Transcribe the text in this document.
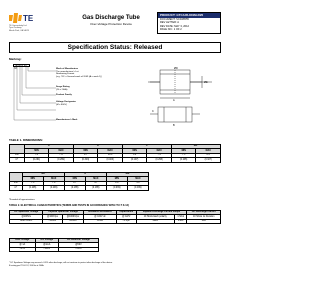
TE
TE Connectivity Ltd.
Tyco Parkway
Menlo Park, CA 94025
Gas Discharge Tube
Over-Voltage Protection Device
PRODUCT: GTCA35-801M-R20
DOCUMENT: SCD28555
REV LETTER: A
REV DATE: MAY 3, 2012
PAGE NO.: 1 OF 2
Specification Status: Released
Marking:
TE 80 R 20 M	Week of Manufacture
The manufacturer's Lot
Numbering Format
(e.g. '2G' = Second week of 2009 (A = week 1))
Surge Rating
(20 = 20kA)
Product Family
Voltage Designator
(M = 800V)
Manufacturer's Mark
ØD
A
ØE
B
C
TABLE 1. DIMENSIONS:
	A		B		C		ØD*	
	MIN	MAX	MIN	MAX	MIN	MAX	MIN	MAX
mm	7.4	7.6	8.7	10.3	5.0	7.5	7.5	8.3
in*	(0.291)	(0.299)	(0.343)	(0.406)	(0.197)	(0.295)	(0.295)	(0.327)
	ØE		E		ØM	
	MIN	MAX	MIN	MAX	MIN	MAX
mm	7.5	7.6	4.7	4.7	1.0	1.0
in*	(0.295)	(0.299)	(0.185)	(0.185)	(0.039)	(0.039)
*Rounded off approximations
TABLE 2. ELECTRICAL CHARACTERISTICS (TERMS AND TESTS IN ACCORDANCE WITH ITU-T K.12)
DC Sparkover Voltage	Impulse Sparkover Voltage		Insulation Resistance	Capacitance	Impulse Discharge Current 8/20μs		AC Discharge Current
@100V/s	@100V/μs	@1000V/μs	@ 100V dc	@ 1kHz	10 Shots Each polarity	1 Shot	10 Shots 1s Duration
800V ±20%	<1100V	<1200V	≥1GΩ	<1.5pF	20kA	25kA	20A
Over Voltage	Arc Voltage	DC Holdover Voltage
@ 1A	@1mA	@50V
~15V	<100V	<135V
* DC Sparkover Voltage may exceed +/-20% after discharge, will not continue to protect after discharge of the device.
If testing per ITU-K.12, 200 Hz at 200A.
